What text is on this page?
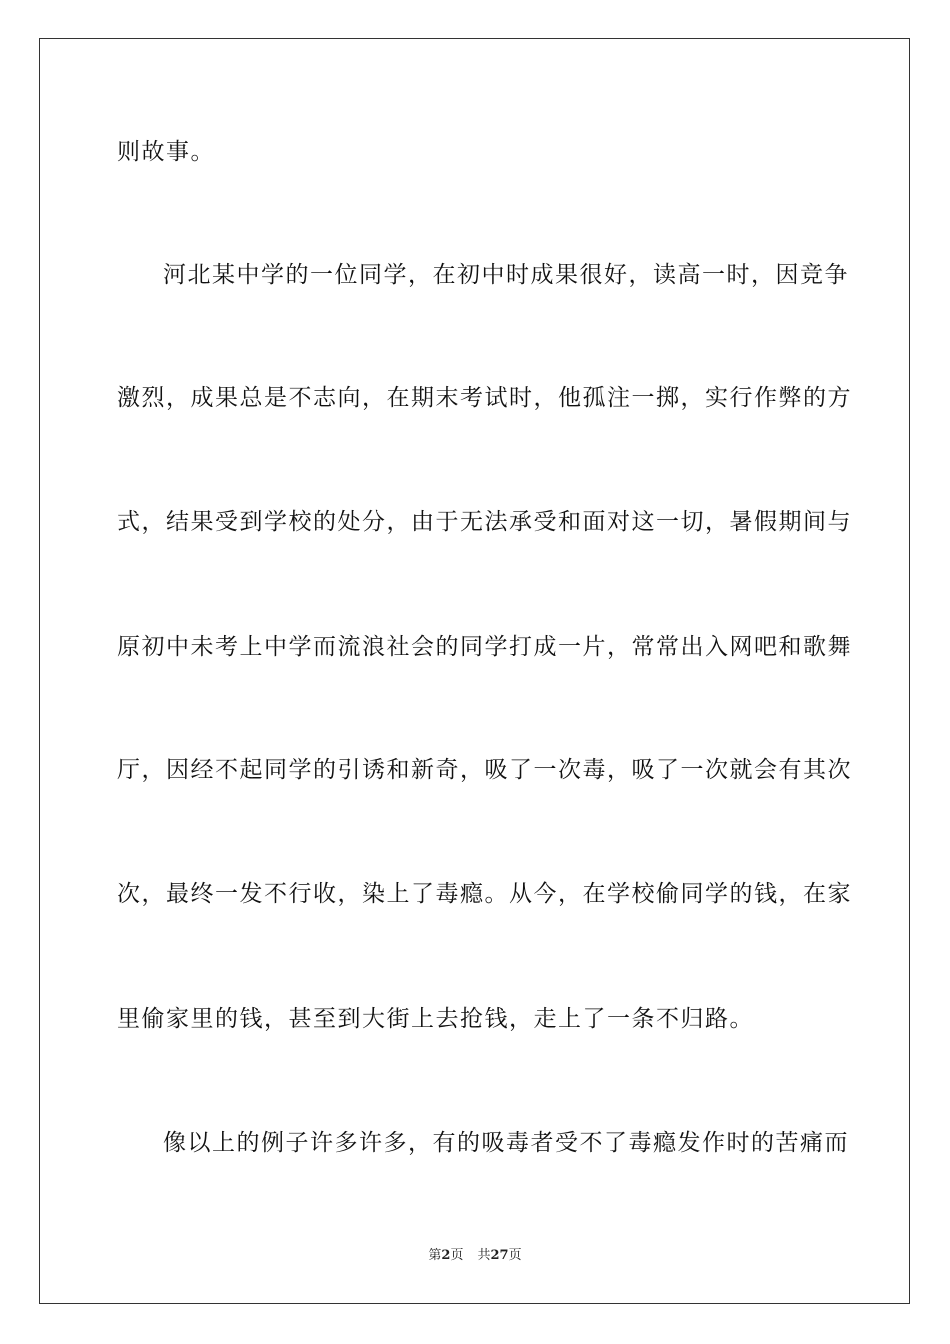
则故事。

河北某中学的一位同学，在初中时成果很好，读高一时，因竞争

激烈，成果总是不志向，在期末考试时，他孤注一掷，实行作弊的方

式，结果受到学校的处分，由于无法承受和面对这一切，暑假期间与

原初中未考上中学而流浪社会的同学打成一片，常常出入网吧和歌舞

厅，因经不起同学的引诱和新奇，吸了一次毒，吸了一次就会有其次

次，最终一发不行收，染上了毒瘾。从今，在学校偷同学的钱，在家

里偷家里的钱，甚至到大街上去抢钱，走上了一条不归路。

像以上的例子许多许多，有的吸毒者受不了毒瘾发作时的苦痛而

第2页 共27页
